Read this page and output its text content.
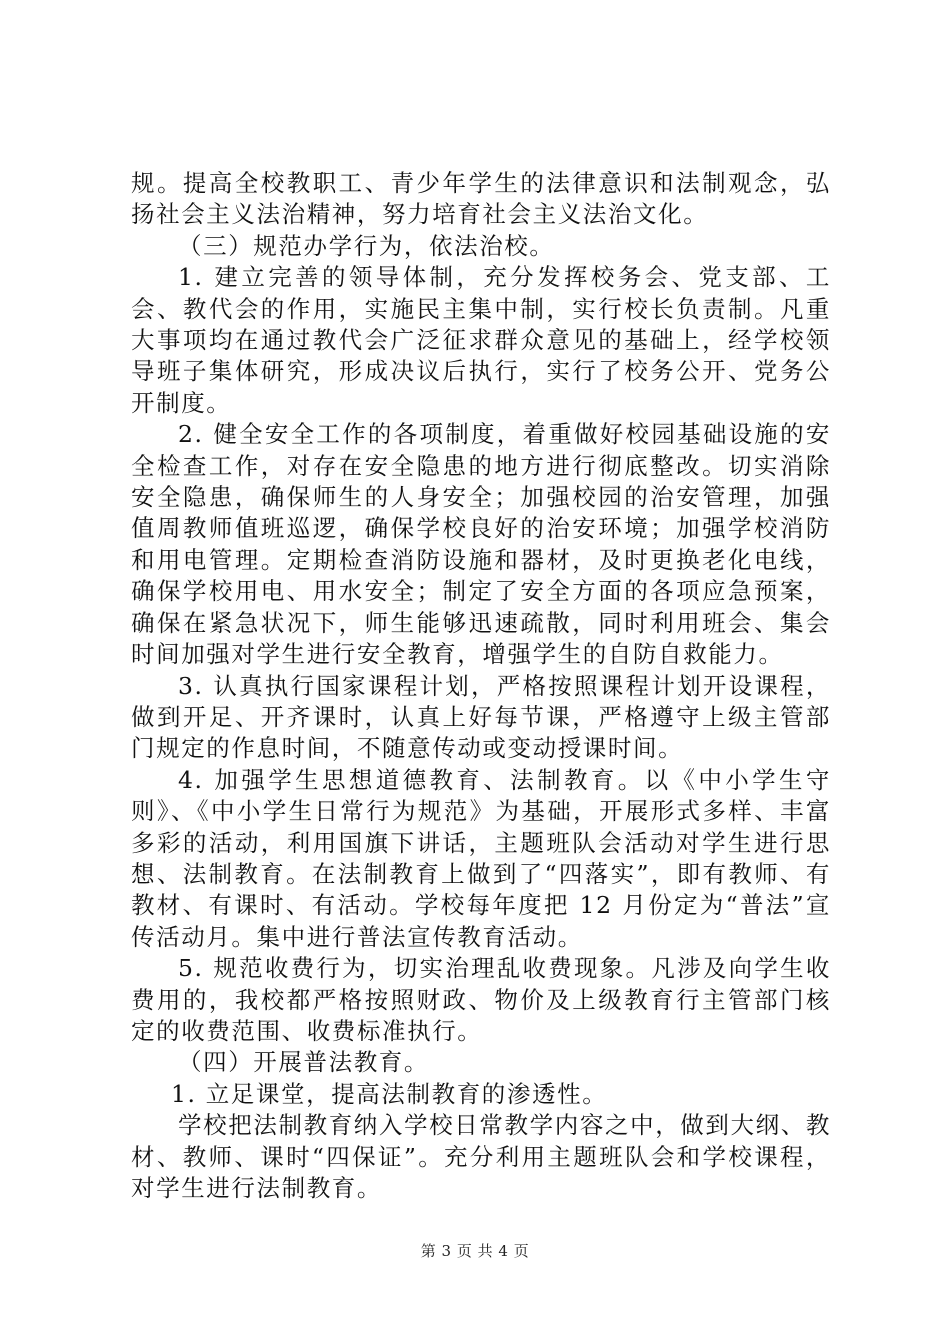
规。提高全校教职工、青少年学生的法律意识和法制观念，弘扬社会主义法治精神，努力培育社会主义法治文化。

（三）规范办学行为，依法治校。

1. 建立完善的领导体制，充分发挥校务会、党支部、工会、教代会的作用，实施民主集中制，实行校长负责制。凡重大事项均在通过教代会广泛征求群众意见的基础上，经学校领导班子集体研究，形成决议后执行，实行了校务公开、党务公开制度。

2. 健全安全工作的各项制度，着重做好校园基础设施的安全检查工作，对存在安全隐患的地方进行彻底整改。切实消除安全隐患，确保师生的人身安全；加强校园的治安管理，加强值周教师值班巡逻，确保学校良好的治安环境；加强学校消防和用电管理。定期检查消防设施和器材，及时更换老化电线，确保学校用电、用水安全；制定了安全方面的各项应急预案，确保在紧急状况下，师生能够迅速疏散，同时利用班会、集会时间加强对学生进行安全教育，增强学生的自防自救能力。

3. 认真执行国家课程计划，严格按照课程计划开设课程，做到开足、开齐课时，认真上好每节课，严格遵守上级主管部门规定的作息时间，不随意传动或变动授课时间。

4. 加强学生思想道德教育、法制教育。以《中小学生守则》、《中小学生日常行为规范》为基础，开展形式多样、丰富多彩的活动，利用国旗下讲话，主题班队会活动对学生进行思想、法制教育。在法制教育上做到了“四落实”，即有教师、有教材、有课时、有活动。学校每年度把 12 月份定为“普法”宣传活动月。集中进行普法宣传教育活动。

5. 规范收费行为，切实治理乱收费现象。凡涉及向学生收费用的，我校都严格按照财政、物价及上级教育行主管部门核定的收费范围、收费标准执行。

（四）开展普法教育。

1. 立足课堂，提高法制教育的渗透性。

学校把法制教育纳入学校日常教学内容之中，做到大纲、教材、教师、课时“四保证”。充分利用主题班队会和学校课程，对学生进行法制教育。

第 3 页 共 4 页
